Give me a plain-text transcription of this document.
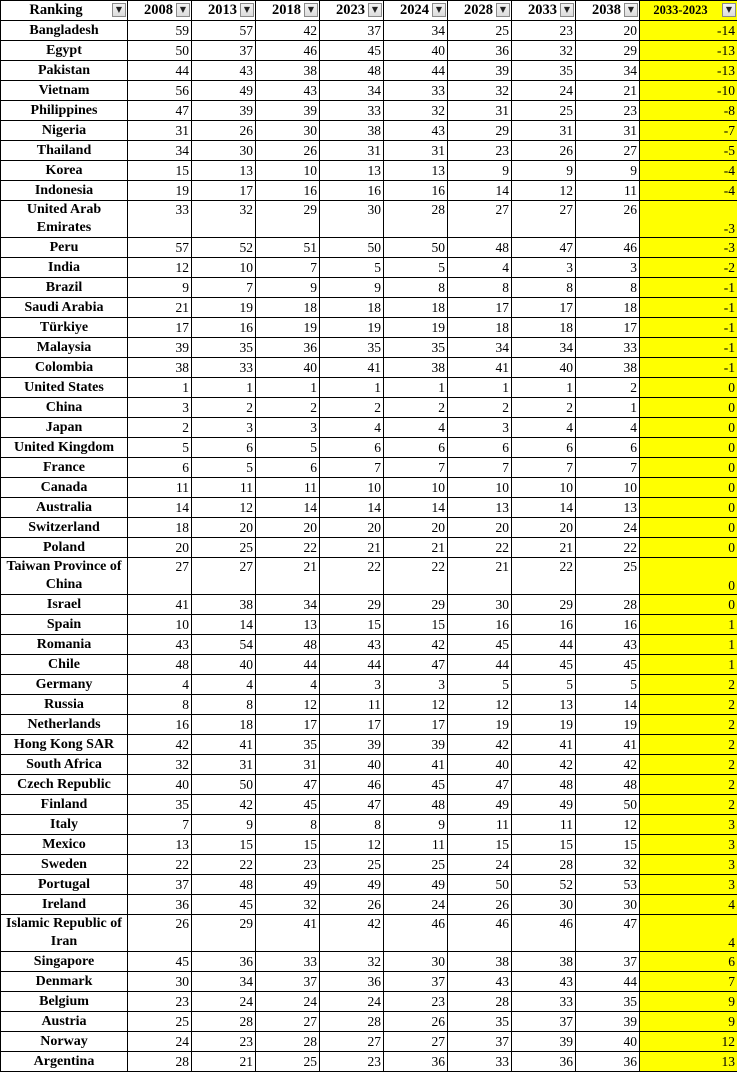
Ranking ▼	2008 ▼	2013 ▼	2018 ▼	2023 ▼	2024 ▼	2028 ▼	2033 ▼	2038 ▼	2033-2023 ▼

Bangladesh	59	57	42	37	34	25	23	20	-14
Egypt	50	37	46	45	40	36	32	29	-13
Pakistan	44	43	38	48	44	39	35	34	-13
Vietnam	56	49	43	34	33	32	24	21	-10
Philippines	47	39	39	33	32	31	25	23	-8
Nigeria	31	26	30	38	43	29	31	31	-7
Thailand	34	30	26	31	31	23	26	27	-5
Korea	15	13	10	13	13	9	9	9	-4
Indonesia	19	17	16	16	16	14	12	11	-4
United Arab Emirates	33	32	29	30	28	27	27	26	-3
Peru	57	52	51	50	50	48	47	46	-3
India	12	10	7	5	5	4	3	3	-2
Brazil	9	7	9	9	8	8	8	8	-1
Saudi Arabia	21	19	18	18	18	17	17	18	-1
Türkiye	17	16	19	19	19	18	18	17	-1
Malaysia	39	35	36	35	35	34	34	33	-1
Colombia	38	33	40	41	38	41	40	38	-1
United States	1	1	1	1	1	1	1	2	0
China	3	2	2	2	2	2	2	1	0
Japan	2	3	3	4	4	3	4	4	0
United Kingdom	5	6	5	6	6	6	6	6	0
France	6	5	6	7	7	7	7	7	0
Canada	11	11	11	10	10	10	10	10	0
Australia	14	12	14	14	14	13	14	13	0
Switzerland	18	20	20	20	20	20	20	24	0
Poland	20	25	22	21	21	22	21	22	0
Taiwan Province of China	27	27	21	22	22	21	22	25	0
Israel	41	38	34	29	29	30	29	28	0
Spain	10	14	13	15	15	16	16	16	1
Romania	43	54	48	43	42	45	44	43	1
Chile	48	40	44	44	47	44	45	45	1
Germany	4	4	4	3	3	5	5	5	2
Russia	8	8	12	11	12	12	13	14	2
Netherlands	16	18	17	17	17	19	19	19	2
Hong Kong SAR	42	41	35	39	39	42	41	41	2
South Africa	32	31	31	40	41	40	42	42	2
Czech Republic	40	50	47	46	45	47	48	48	2
Finland	35	42	45	47	48	49	49	50	2
Italy	7	9	8	8	9	11	11	12	3
Mexico	13	15	15	12	11	15	15	15	3
Sweden	22	22	23	25	25	24	28	32	3
Portugal	37	48	49	49	49	50	52	53	3
Ireland	36	45	32	26	24	26	30	30	4
Islamic Republic of Iran	26	29	41	42	46	46	46	47	4
Singapore	45	36	33	32	30	38	38	37	6
Denmark	30	34	37	36	37	43	43	44	7
Belgium	23	24	24	24	23	28	33	35	9
Austria	25	28	27	28	26	35	37	39	9
Norway	24	23	28	27	27	37	39	40	12
Argentina	28	21	25	23	36	33	36	36	13
